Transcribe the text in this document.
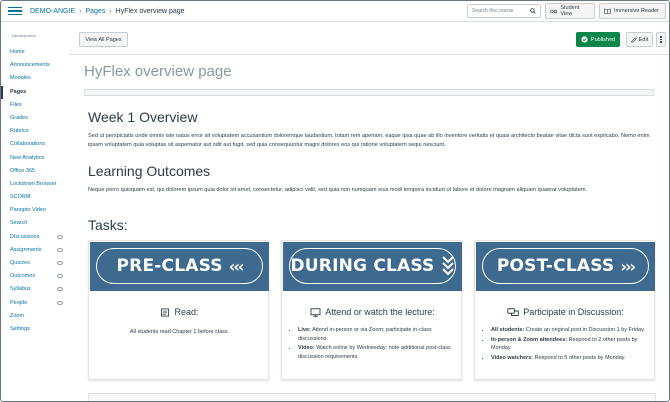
DEMO-ANGIE › Pages › HyFlex overview page	Search this course	Student View	Immersive Reader
Development
Home
Announcements
Modules
Pages
Files
Grades
Rubrics
Collaborations
New Analytics
Office 365
Lockdown Browser
SCORM
Panopto Video
Search
Discussions
Assignments
Quizzes
Outcomes
Syllabus
People
Zoom
Settings
View All Pages	Published	Edit
HyFlex overview page
Week 1 Overview

Sed ut perspiciatis unde omnis iste natus error sit voluptatem accusantium doloremque laudantium, totam rem aperiam, eaque ipsa quae ab illo inventore veritatis et quasi architecto beatae vitae dicta sunt explicabo. Nemo enim ipsam voluptatem quia voluptas sit aspernatur aut odit aut fugit, sed quia consequuntur magni dolores eos qui ratione voluptatem sequi nesciunt.

Learning Outcomes

Neque porro quisquam est, qui dolorem ipsum quia dolor sit amet, consectetur, adipisci velit, sed quia non numquam eius modi tempora incidunt ut labore et dolore magnam aliquam quaerat voluptatem.

Tasks:
PRE-CLASS ‹‹‹
Read:
All students read Chapter 1 before class.
DURING CLASS
Attend or watch the lecture:
• Live: Attend in-person or via Zoom; participate in-class discussions.
• Video: Watch online by Wednesday; note additional post-class discussion requirements.
POST-CLASS ›››
Participate in Discussion:
• All students: Create an original post in Discussion 1 by Friday.
• In-person & Zoom attendees: Respond to 2 other posts by Monday.
• Video watchers: Respond to 5 other posts by Monday.
